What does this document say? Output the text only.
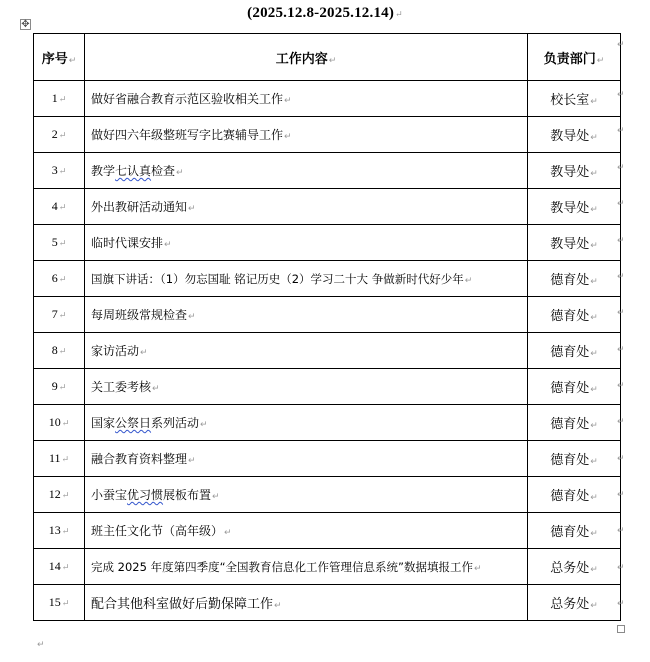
(2025.12.8-2025.12.14)↵
✥
序号↵	工作内容↵	负责部门↵
1↵	做好省融合教育示范区验收相关工作↵	校长室↵
2↵	做好四六年级整班写字比赛辅导工作↵	教导处↵
3↵	教学七认真检查↵	教导处↵
4↵	外出教研活动通知↵	教导处↵
5↵	临时代课安排↵	教导处↵
6↵	国旗下讲话：（1）勿忘国耻 铭记历史（2）学习二十大 争做新时代好少年↵	德育处↵
7↵	每周班级常规检查↵	德育处↵
8↵	家访活动↵	德育处↵
9↵	关工委考核↵	德育处↵
10↵	国家公祭日系列活动↵	德育处↵
11↵	融合教育资料整理↵	德育处↵
12↵	小蚕宝优习惯展板布置↵	德育处↵
13↵	班主任文化节（高年级）↵	德育处↵
14↵	完成 2025 年度第四季度“全国教育信息化工作管理信息系统”数据填报工作↵	总务处↵
15↵	配合其他科室做好后勤保障工作↵	总务处↵
↵
↵
↵
↵
↵
↵
↵
↵
↵
↵
↵
↵
↵
↵
↵
↵
↵
